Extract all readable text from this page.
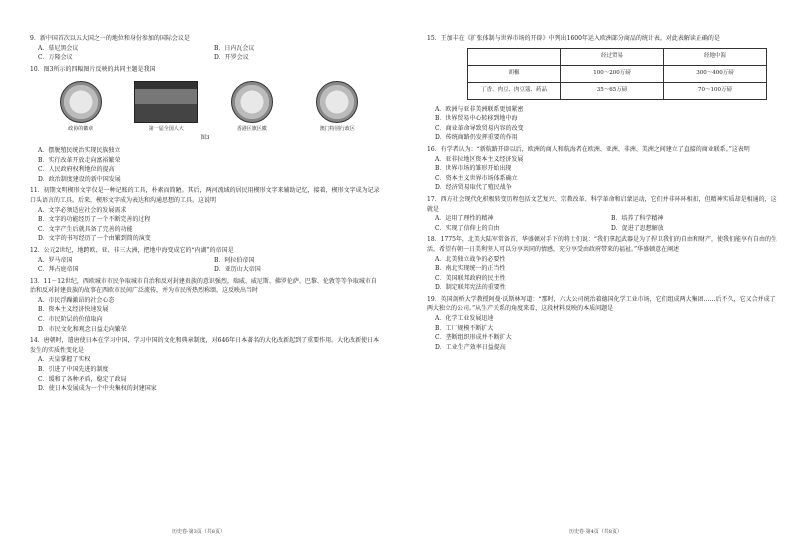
9．新中国首次以五大国之一的地位和身份参加的国际会议是
A．慕尼黑会议	B．日内瓦会议
C．万隆会议	D．开罗会议
10．图3所示的四幅图片反映的共同主题是我国
政协的徽章	第一届全国人大	香港区旗区徽	澳门特别行政区
图3
A．摆脱殖民统治实现民族独立
B．实行改革开放走向富裕繁荣
C．人民政府权利地位的提高
D．政治制度建设的新中国发展
11．初期文明楔形文字仅是一种记账的工具，朴素而简陋。其后，两河流域的居民用楔形文字来辅助记忆，接着，楔形文字成为记录口头语言的工具。后来，楔形文字成为表达和沟通思想的工具。这说明
A．文字必须适应社会的发展需求
B．文字的功能经历了一个不断完善的过程
C．文字产生后就具备了完善的功能
D．文字的书写经历了一个由繁到简的演变
12．公元2世纪，地跨欧、亚、非三大洲，把地中海变成它的“内湖”的帝国是
A．罗马帝国	B．阿拉伯帝国
C．拜占庭帝国	D．亚历山大帝国
13．11－12世纪，西欧城市市民争取城市自治和反对封建贵族的意识强烈。瑞威、威尼斯、佛罗伦萨、巴黎、伦敦等等争取城市自治和反对封建贵族的故事在西欧市民间广泛流传，并为市民所热烈称颂。这反映出当时
A．市民浮躁激昂的社会心态
B．资本主义经济快速发展
C．市民阶层的价值取向
D．市民文化和观念日益走向繁荣
14．唐朝时，遣唐使日本在学习中国，学习中国的文化和典章制度，对646年日本著名的大化改新起到了重要作用。大化改新使日本发生的实质性变化是
A．天皇掌握了实权
B．引进了中国先进的制度
C．缓和了各种矛盾，稳定了政局
D．使日本发展成为一个中央集权的封建国家
历史卷·第3页（共8页）
15．王加丰在《扩张体制与世界市场的开辟》中列出1600年运入欧洲部分商品的统计表。对此表解读正确的是
	经过贸易	经地中海
胡椒	100～200万磅	300～400万磅
丁香、肉豆、肉豆蔻、药品	35～65万磅	70～100万磅
A．欧洲与亚非美洲联系更加紧密
B．世界贸易中心转移到地中海
C．商业革命导致贸易内容的改变
D．传统商路仍发挥重要的作用
16．有学者认为：“新航路开辟以后，欧洲的商人和航海者在欧洲、亚洲、非洲、美洲之间建立了直接的商业联系。”这表明
A．亚非拉地区资本主义经济发展
B．世界市场的雏形开始出现
C．资本主义世界市场体系确立
D．经济贸易取代了殖民战争
17．西方社会现代化积极转变历程包括文艺复兴、宗教改革、科学革命和启蒙运动，它们并非环环相扣，但精神实质却是相通的，这就是
A．运用了理性的精神	B．培养了科学精神
C．实现了信仰上的自由	D．促进了思想解放
18．1775年，北美大陆军常备首，华盛顿对手下的将士们说：“我们拿起武器是为了捍卫我们的自由和财产，使我们能享有自由的生活，希望有朝一日美利坚人可以分享共同的情感，充分享受由政府带来的福祉。”华盛顿意在阐述
A．北美独立战争的必要性
B．南北实现统一的正当性
C．美国联邦政府的民主性
D．制定联邦宪法的重要性
19．英国剑桥大学教授阿曼·沃斯林写道：“那时，六大公司统治着德国化学工业市场，它们组成两大集团……后不久，它又合并成了两大独立的公司。”从生产关系的角度来看，这段材料反映的本质问题是
A．化学工业发展迅速
B．工厂规模不断扩大
C．垄断组织形成并不断扩大
D．工业生产效率日益提高
历史卷·第4页（共8页）
